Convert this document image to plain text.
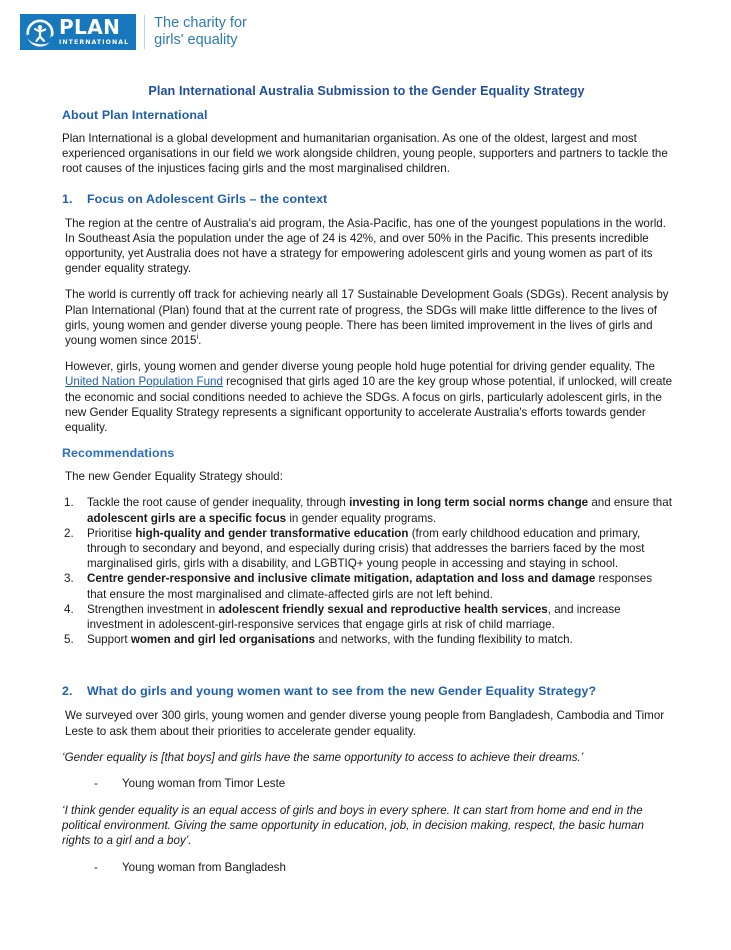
PLAN
INTERNATIONAL
The charity for
girls' equality
Plan International Australia Submission to the Gender Equality Strategy
About Plan International

Plan International is a global development and humanitarian organisation. As one of the oldest, largest and most experienced organisations in our field we work alongside children, young people, supporters and partners to tackle the root causes of the injustices facing girls and the most marginalised children.

1.	Focus on Adolescent Girls – the context

The region at the centre of Australia's aid program, the Asia-Pacific, has one of the youngest populations in the world. In Southeast Asia the population under the age of 24 is 42%, and over 50% in the Pacific. This presents incredible opportunity, yet Australia does not have a strategy for empowering adolescent girls and young women as part of its gender equality strategy.

The world is currently off track for achieving nearly all 17 Sustainable Development Goals (SDGs). Recent analysis by Plan International (Plan) found that at the current rate of progress, the SDGs will make little difference to the lives of girls, young women and gender diverse young people. There has been limited improvement in the lives of girls and young women since 2015$^i$.

However, girls, young women and gender diverse young people hold huge potential for driving gender equality. The United Nation Population Fund recognised that girls aged 10 are the key group whose potential, if unlocked, will create the economic and social conditions needed to achieve the SDGs. A focus on girls, particularly adolescent girls, in the new Gender Equality Strategy represents a significant opportunity to accelerate Australia's efforts towards gender equality.

Recommendations

The new Gender Equality Strategy should:

1.	Tackle the root cause of gender inequality, through investing in long term social norms change and ensure that adolescent girls are a specific focus in gender equality programs.
2.	Prioritise high-quality and gender transformative education (from early childhood education and primary, through to secondary and beyond, and especially during crisis) that addresses the barriers faced by the most marginalised girls, girls with a disability, and LGBTIQ+ young people in accessing and staying in school.
3.	Centre gender-responsive and inclusive climate mitigation, adaptation and loss and damage responses that ensure the most marginalised and climate-affected girls are not left behind.
4.	Strengthen investment in adolescent friendly sexual and reproductive health services, and increase investment in adolescent-girl-responsive services that engage girls at risk of child marriage.
5.	Support women and girl led organisations and networks, with the funding flexibility to match.
2.	What do girls and young women want to see from the new Gender Equality Strategy?

We surveyed over 300 girls, young women and gender diverse young people from Bangladesh, Cambodia and Timor Leste to ask them about their priorities to accelerate gender equality.

‘Gender equality is [that boys] and girls have the same opportunity to access to achieve their dreams.’

-	Young woman from Timor Leste

‘I think gender equality is an equal access of girls and boys in every sphere. It can start from home and end in the political environment. Giving the same opportunity in education, job, in decision making, respect, the basic human rights to a girl and a boy’.

-	Young woman from Bangladesh
